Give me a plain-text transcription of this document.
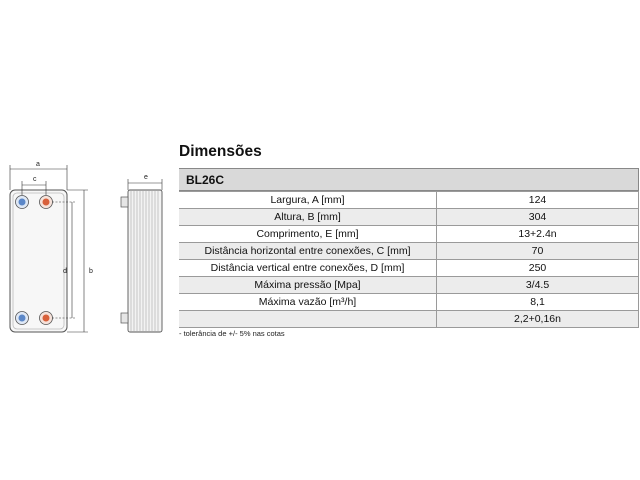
a
c
d	b
e
Dimensões
BL26C
Largura, A [mm]	124
Altura, B [mm]	304
Comprimento, E [mm]	13+2.4n
Distância horizontal entre conexões, C [mm]	70
Distância vertical entre conexões, D [mm]	250
Máxima pressão [Mpa]	3/4.5
Máxima vazão [m³/h]	8,1
	2,2+0,16n
- tolerância de +/- 5% nas cotas
